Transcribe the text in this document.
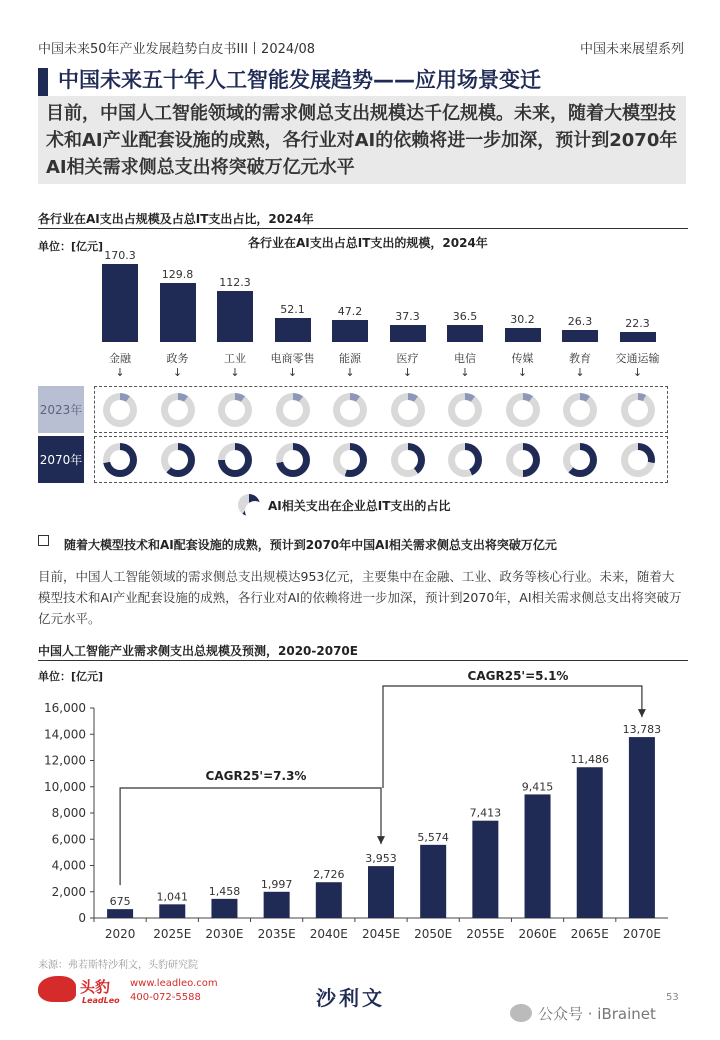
中国未来50年产业发展趋势白皮书III丨2024/08	中国未来展望系列
中国未来五十年人工智能发展趋势——应用场景变迁
目前，中国人工智能领域的需求侧总支出规模达千亿规模。未来，随着大模型技术和AI产业配套设施的成熟，各行业对AI的依赖将进一步加深，预计到2070年AI相关需求侧总支出将突破万亿元水平
各行业在AI支出占规模及占总IT支出占比，2024年
单位：[亿元]	各行业在AI支出占总IT支出的规模，2024年
170.3
金融
↓
129.8
政务
↓
112.3
工业
↓
52.1
电商零售
↓
47.2
能源
↓
37.3
医疗
↓
36.5
电信
↓
30.2
传媒
↓
26.3
教育
↓
22.3
交通运输
↓
2023年
2070年
AI相关支出在企业总IT支出的占比
随着大模型技术和AI配套设施的成熟，预计到2070年中国AI相关需求侧总支出将突破万亿元
目前，中国人工智能领域的需求侧总支出规模达953亿元，主要集中在金融、工业、政务等核心行业。未来，随着大模型技术和AI产业配套设施的成熟，各行业对AI的依赖将进一步加深，预计到2070年，AI相关需求侧总支出将突破万亿元水平。
中国人工智能产业需求侧支出总规模及预测，2020-2070E
单位：[亿元]
0
2,000
4,000
6,000
8,000
10,000
12,000
14,000
16,000
675
2020
1,041
2025E
1,458
2030E
1,997
2035E
2,726
2040E
3,953
2045E
5,574
2050E
7,413
2055E
9,415
2060E
11,486
2065E
13,783
2070E
CAGR25'=7.3%
CAGR25'=5.1%
来源：弗若斯特沙利文，头豹研究院
头豹
LeadLeo
www.leadleo.com
400-072-5588	沙利文	53
公众号 · iBrainet
